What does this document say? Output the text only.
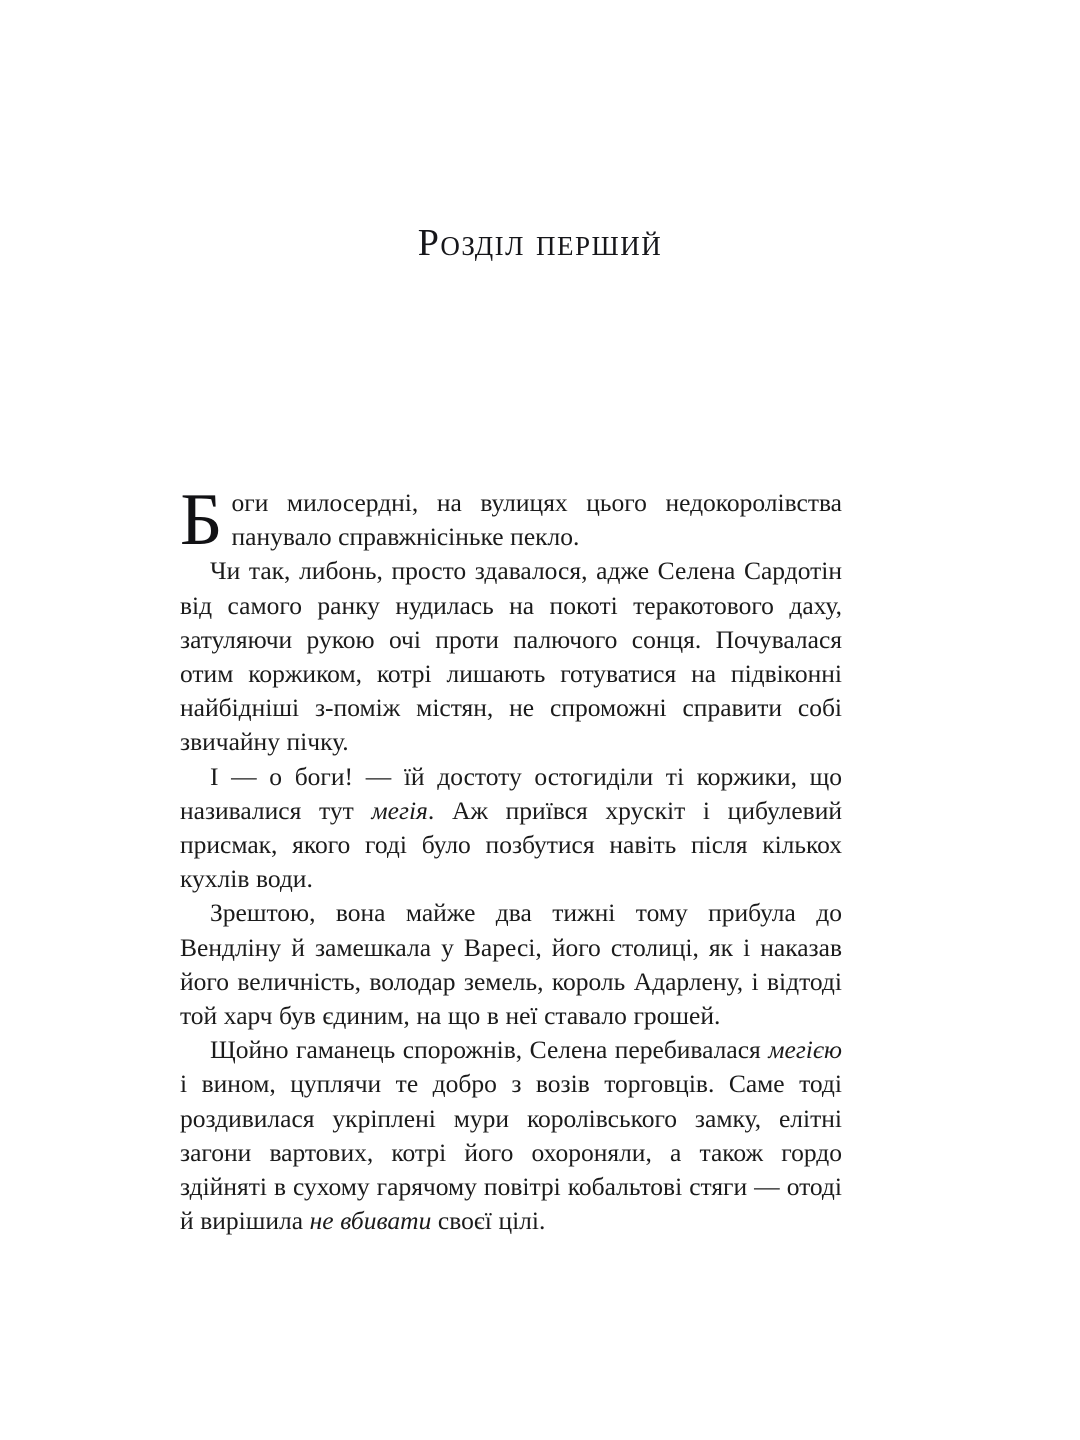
Розділ перший

Боги милосердні, на вулицях цього недокоролівства панувало справжнісіньке пекло.

Чи так, либонь, просто здавалося, адже Селена Сардотін від самого ранку нудилась на покоті теракотового даху, затуляючи рукою очі проти палючого сонця. Почувалася отим коржиком, котрі лишають готуватися на підвіконні найбідніші з-поміж містян, не спроможні справити собі звичайну пічку.

І — о боги! — їй достоту остогиділи ті коржики, що називалися тут мегія. Аж приївся хрускіт і цибулевий присмак, якого годі було позбутися навіть після кількох кухлів води.

Зрештою, вона майже два тижні тому прибула до Вендліну й замешкала у Варесі, його столиці, як і наказав його величність, володар земель, король Адарлену, і відтоді той харч був єдиним, на що в неї ставало грошей.

Щойно гаманець спорожнів, Селена перебивалася мегією і вином, цуплячи те добро з возів торговців. Саме тоді роздивилася укріплені мури королівського замку, елітні загони вартових, котрі його охороняли, а також гордо здійняті в сухому гарячому повітрі кобальтові стяги — отоді й вирішила не вбивати своєї цілі.
